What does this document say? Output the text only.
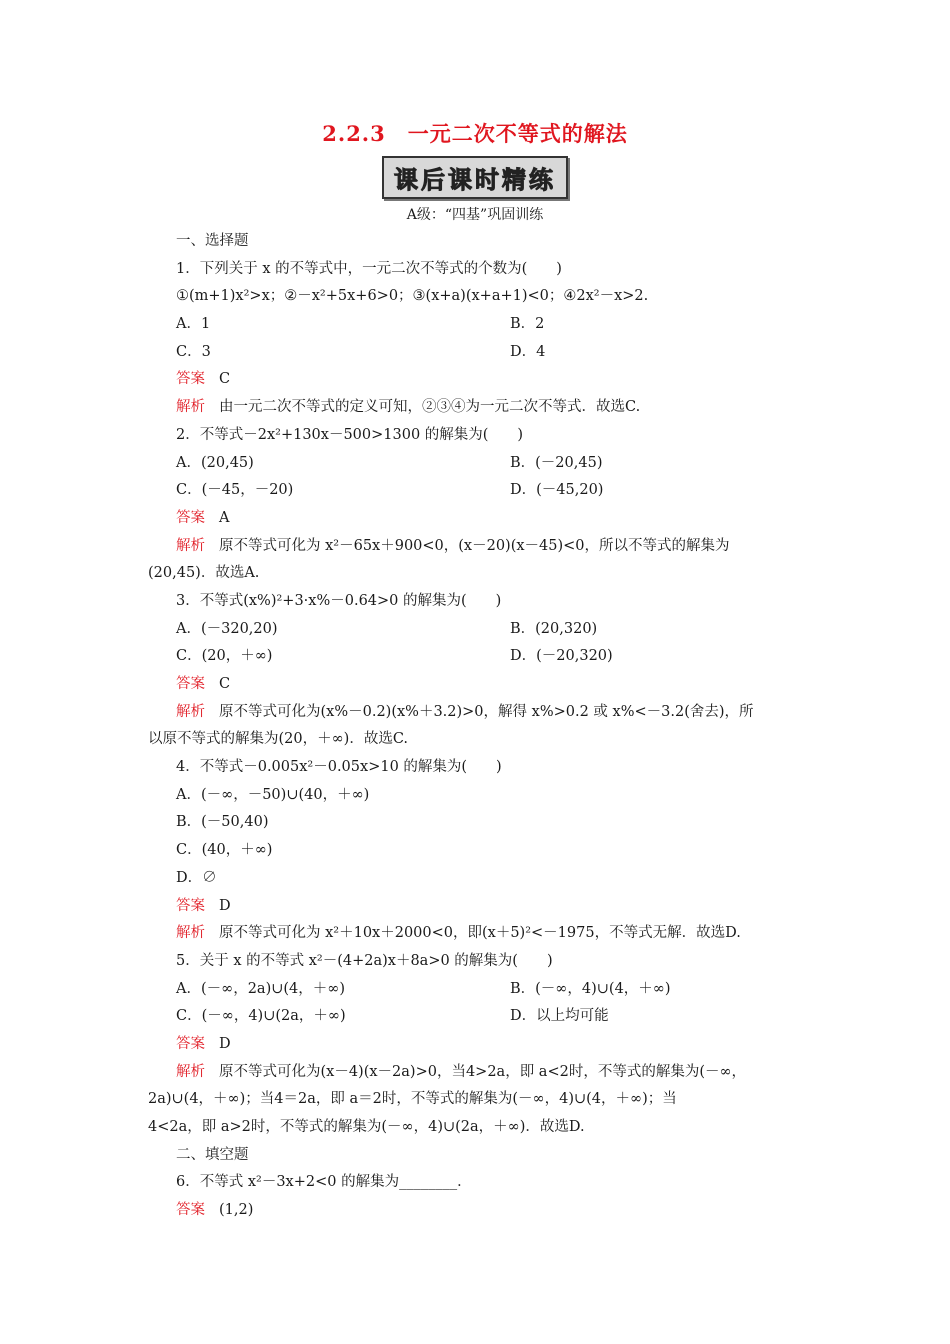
2.2.3　一元二次不等式的解法
课后课时精练
A级：“四基”巩固训练
一、选择题
1．下列关于 x 的不等式中，一元二次不等式的个数为(　　)
①(m+1)x²>x；②－x²+5x+6>0；③(x+a)(x+a+1)<0；④2x²－x>2.
A．1	B．2
C．3	D．4
答案 C
解析 由一元二次不等式的定义可知，②③④为一元二次不等式．故选C.
2．不等式－2x²+130x－500>1300 的解集为(　　)
A．(20,45)	B．(－20,45)
C．(－45，－20)	D．(－45,20)
答案 A
解析 原不等式可化为 x²－65x＋900<0，(x－20)(x－45)<0，所以不等式的解集为
(20,45)．故选A.
3．不等式(x%)²+3·x%－0.64>0 的解集为(　　)
A．(－320,20)	B．(20,320)
C．(20，＋∞)	D．(－20,320)
答案 C
解析 原不等式可化为(x%－0.2)(x%＋3.2)>0，解得 x%>0.2 或 x%<－3.2(舍去)，所
以原不等式的解集为(20，＋∞)．故选C.
4．不等式－0.005x²－0.05x>10 的解集为(　　)
A．(－∞，－50)∪(40，＋∞)
B．(－50,40)
C．(40，＋∞)
D．∅
答案 D
解析 原不等式可化为 x²＋10x＋2000<0，即(x＋5)²<－1975，不等式无解．故选D.
5．关于 x 的不等式 x²－(4+2a)x＋8a>0 的解集为(　　)
A．(－∞，2a)∪(4，＋∞)	B．(－∞，4)∪(4，＋∞)
C．(－∞，4)∪(2a，＋∞)	D．以上均可能
答案 D
解析 原不等式可化为(x－4)(x－2a)>0，当4>2a，即 a<2时，不等式的解集为(－∞，
2a)∪(4，＋∞)；当4＝2a，即 a＝2时，不等式的解集为(－∞，4)∪(4，＋∞)；当
4<2a，即 a>2时，不等式的解集为(－∞，4)∪(2a，＋∞)．故选D.
二、填空题
6．不等式 x²－3x+2<0 的解集为________．
答案 (1,2)
